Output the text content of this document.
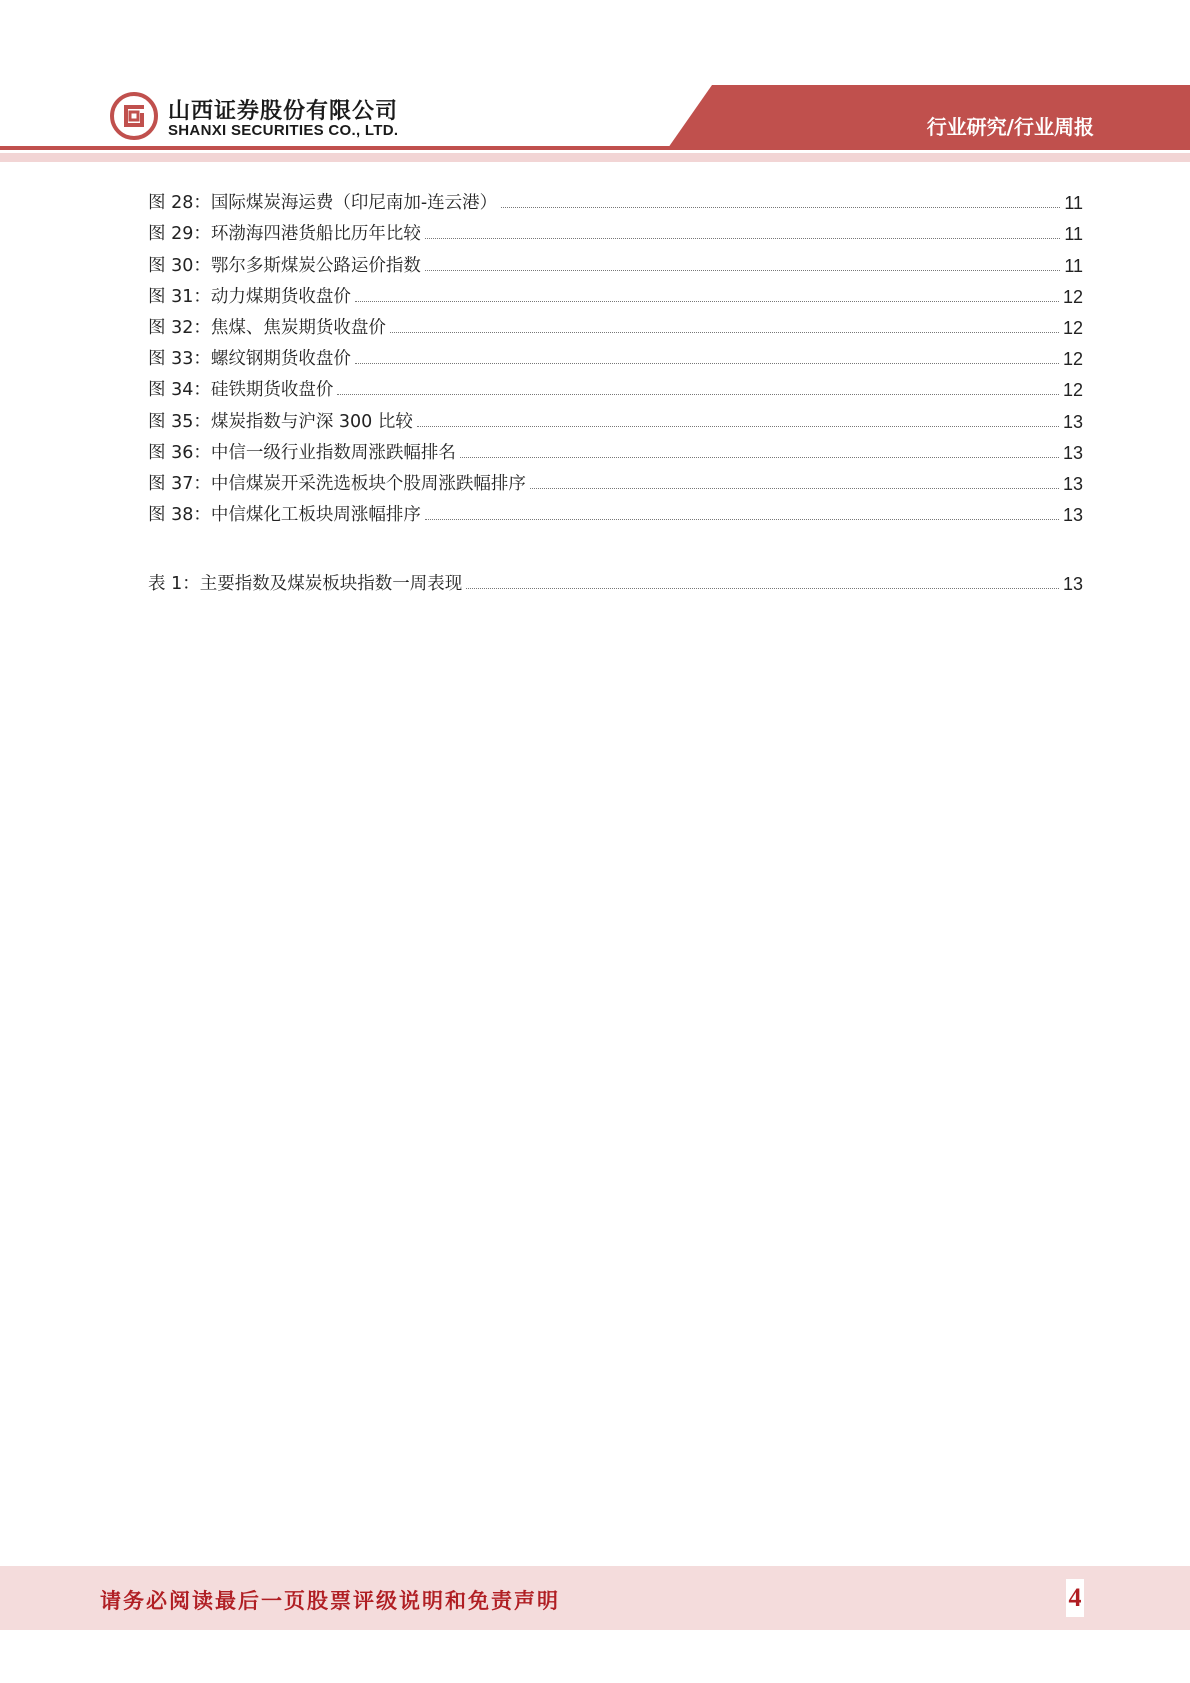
山西证券股份有限公司
SHANXI SECURITIES CO., LTD.	行业研究/行业周报
图 28：国际煤炭海运费（印尼南加-连云港）	11
图 29：环渤海四港货船比历年比较	11
图 30：鄂尔多斯煤炭公路运价指数	11
图 31：动力煤期货收盘价	12
图 32：焦煤、焦炭期货收盘价	12
图 33：螺纹钢期货收盘价	12
图 34：硅铁期货收盘价	12
图 35：煤炭指数与沪深 300 比较	13
图 36：中信一级行业指数周涨跌幅排名	13
图 37：中信煤炭开采洗选板块个股周涨跌幅排序	13
图 38：中信煤化工板块周涨幅排序	13
表 1：主要指数及煤炭板块指数一周表现	13
请务必阅读最后一页股票评级说明和免责声明	4
